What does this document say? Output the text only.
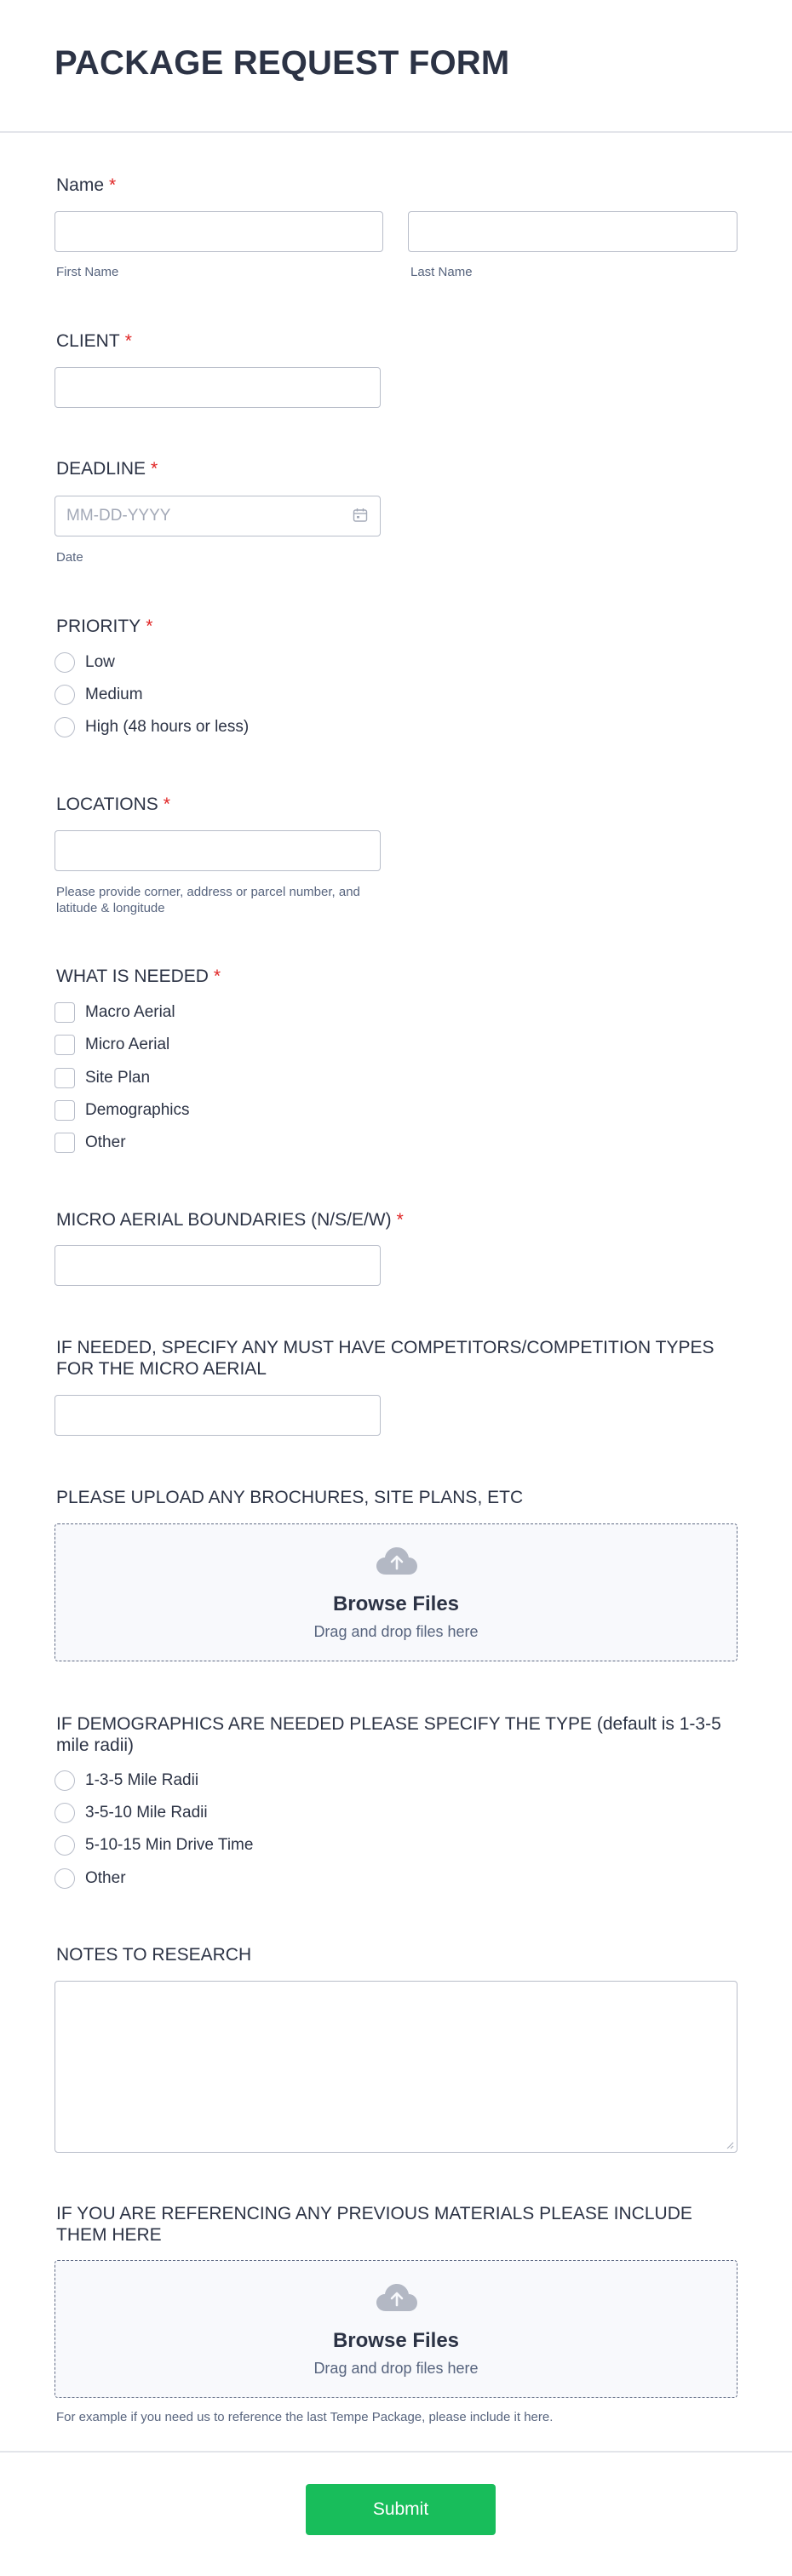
PACKAGE REQUEST FORM
Name *
First Name	Last Name
CLIENT *
DEADLINE *
MM-DD-YYYY
Date
PRIORITY *
Low
Medium
High (48 hours or less)
LOCATIONS *
Please provide corner, address or parcel number, and latitude & longitude
WHAT IS NEEDED *
Macro Aerial
Micro Aerial
Site Plan
Demographics
Other
MICRO AERIAL BOUNDARIES (N/S/E/W) *
IF NEEDED, SPECIFY ANY MUST HAVE COMPETITORS/COMPETITION TYPES FOR THE MICRO AERIAL
PLEASE UPLOAD ANY BROCHURES, SITE PLANS, ETC
Browse Files
Drag and drop files here
IF DEMOGRAPHICS ARE NEEDED PLEASE SPECIFY THE TYPE (default is 1-3-5 mile radii)
1-3-5 Mile Radii
3-5-10 Mile Radii
5-10-15 Min Drive Time
Other
NOTES TO RESEARCH
IF YOU ARE REFERENCING ANY PREVIOUS MATERIALS PLEASE INCLUDE THEM HERE
Browse Files
Drag and drop files here
For example if you need us to reference the last Tempe Package, please include it here.
Submit
